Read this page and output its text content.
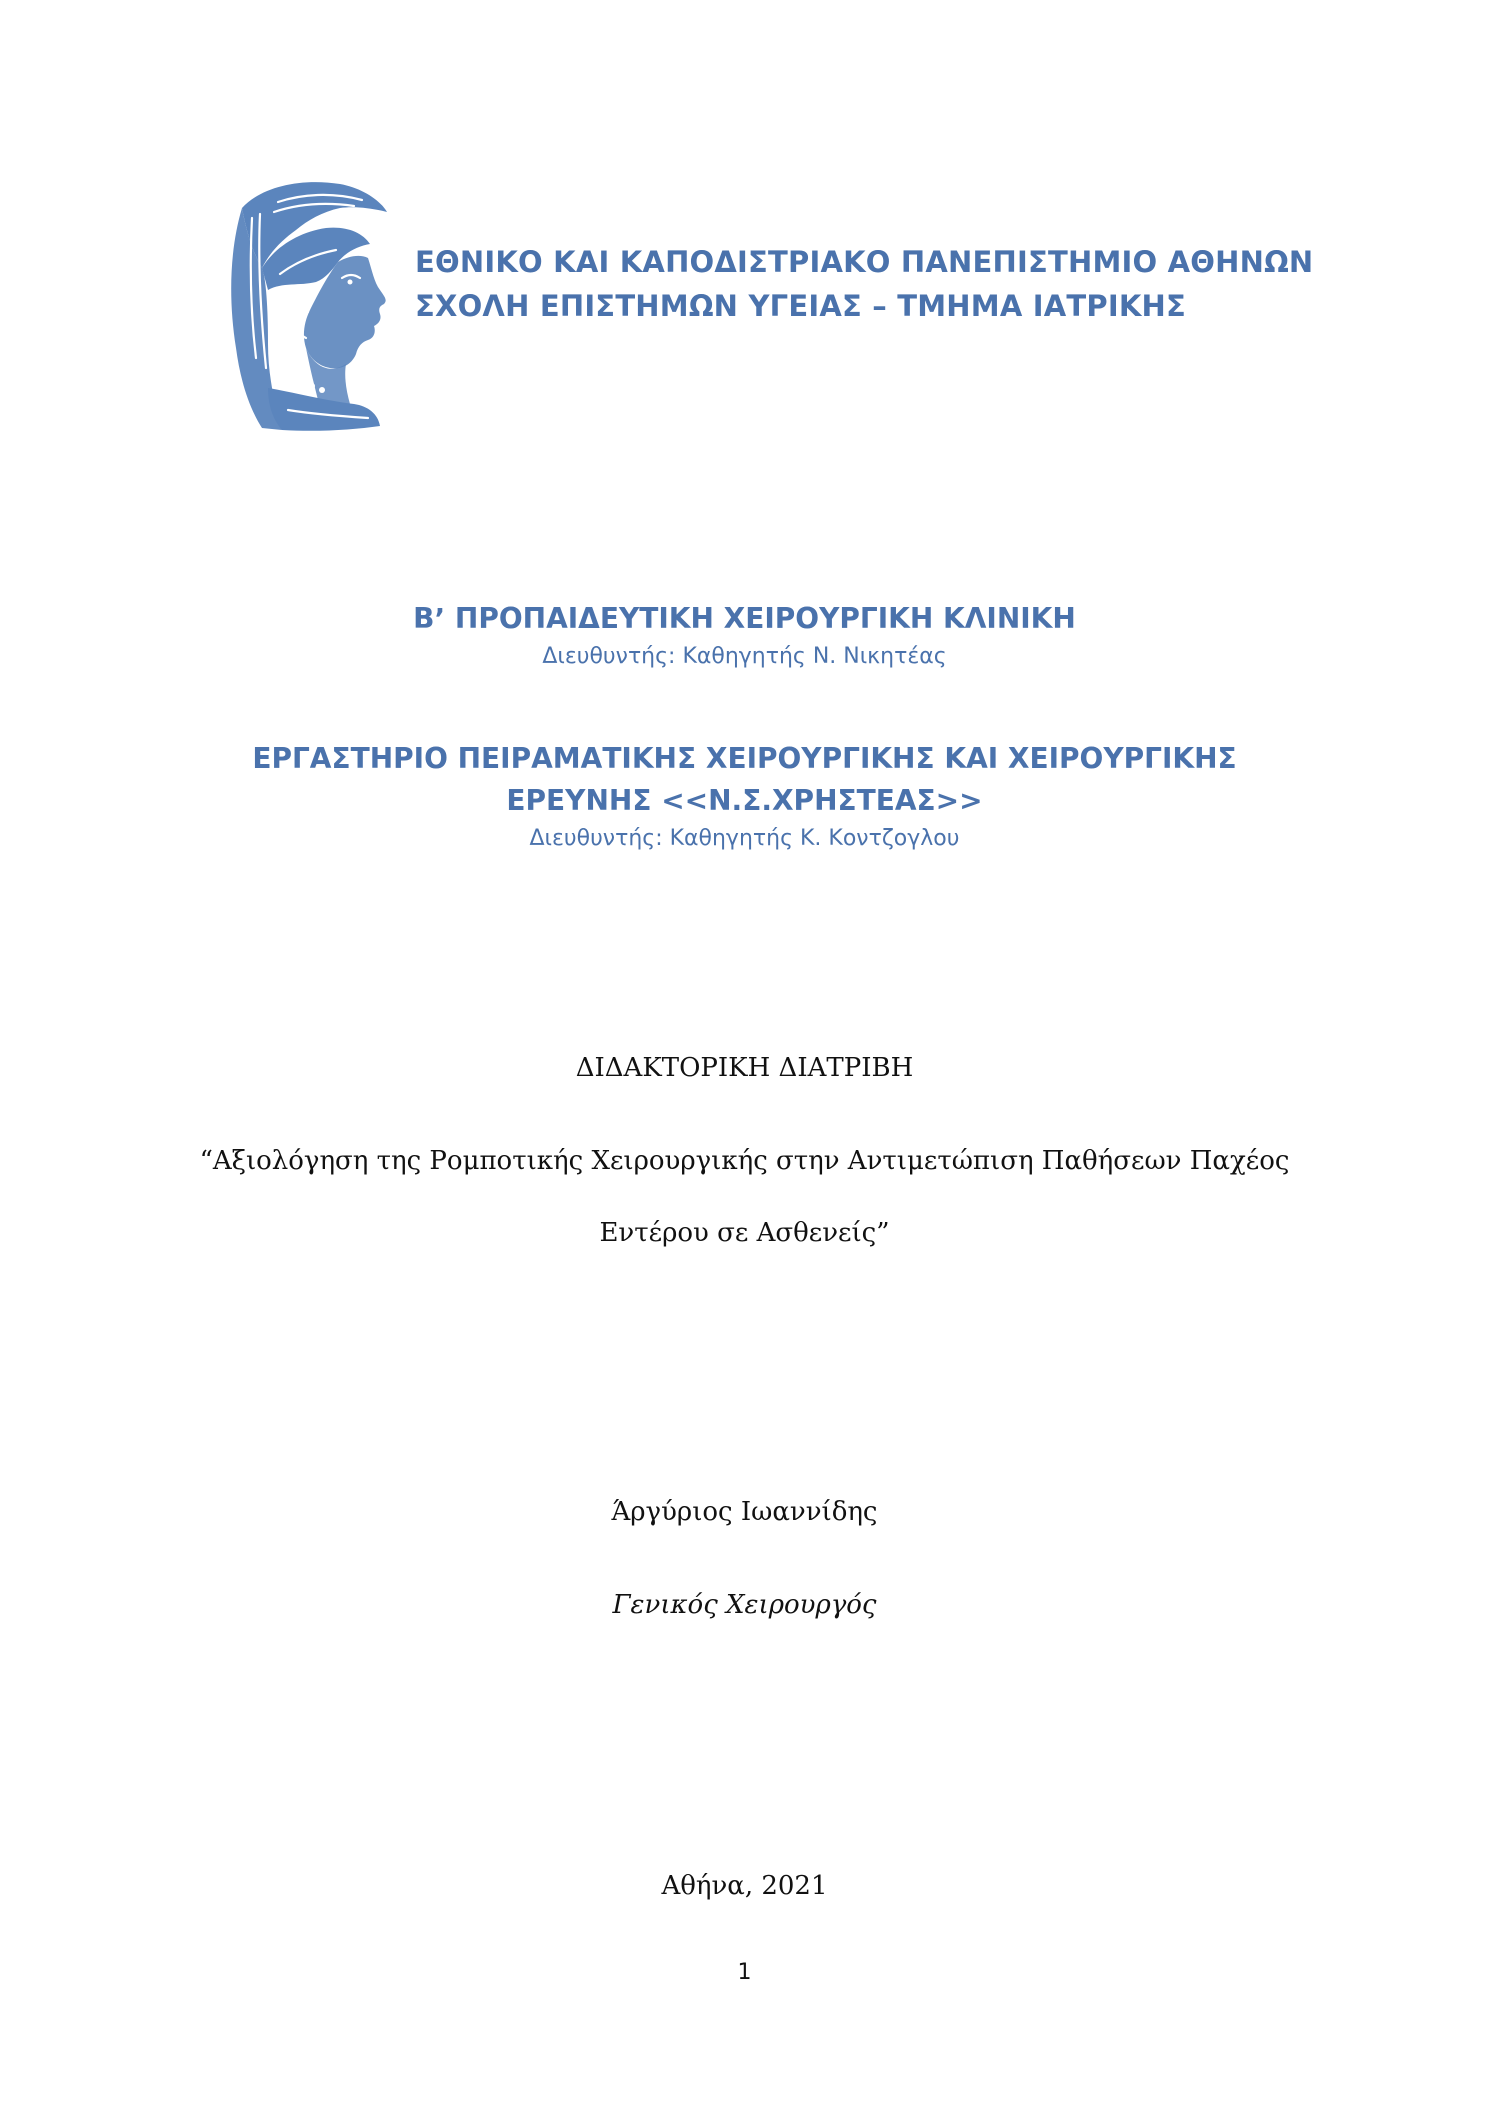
ΕΘΝΙΚΟ ΚΑΙ ΚΑΠΟΔΙΣΤΡΙΑΚΟ ΠΑΝΕΠΙΣΤΗΜΙΟ ΑΘΗΝΩΝ
ΣΧΟΛΗ ΕΠΙΣΤΗΜΩΝ ΥΓΕΙΑΣ – ΤΜΗΜΑ ΙΑΤΡΙΚΗΣ
Β’ ΠΡΟΠΑΙΔΕΥΤΙΚΗ ΧΕΙΡΟΥΡΓΙΚΗ ΚΛΙΝΙΚΗ
Διευθυντής: Καθηγητής Ν. Νικητέας
ΕΡΓΑΣΤΗΡΙΟ ΠΕΙΡΑΜΑΤΙΚΗΣ ΧΕΙΡΟΥΡΓΙΚΗΣ ΚΑΙ ΧΕΙΡΟΥΡΓΙΚΗΣ
ΕΡΕΥΝΗΣ <<Ν.Σ.ΧΡΗΣΤΕΑΣ>>
Διευθυντής: Καθηγητής Κ. Κοντζογλου
ΔΙΔΑΚΤΟΡΙΚΗ ΔΙΑΤΡΙΒΗ
“Αξιολόγηση της Ρομποτικής Χειρουργικής στην Αντιμετώπιση Παθήσεων Παχέος
Εντέρου σε Ασθενείς”
Άργύριος Ιωαννίδης
Γενικός Χειρουργός
Αθήνα, 2021
1
